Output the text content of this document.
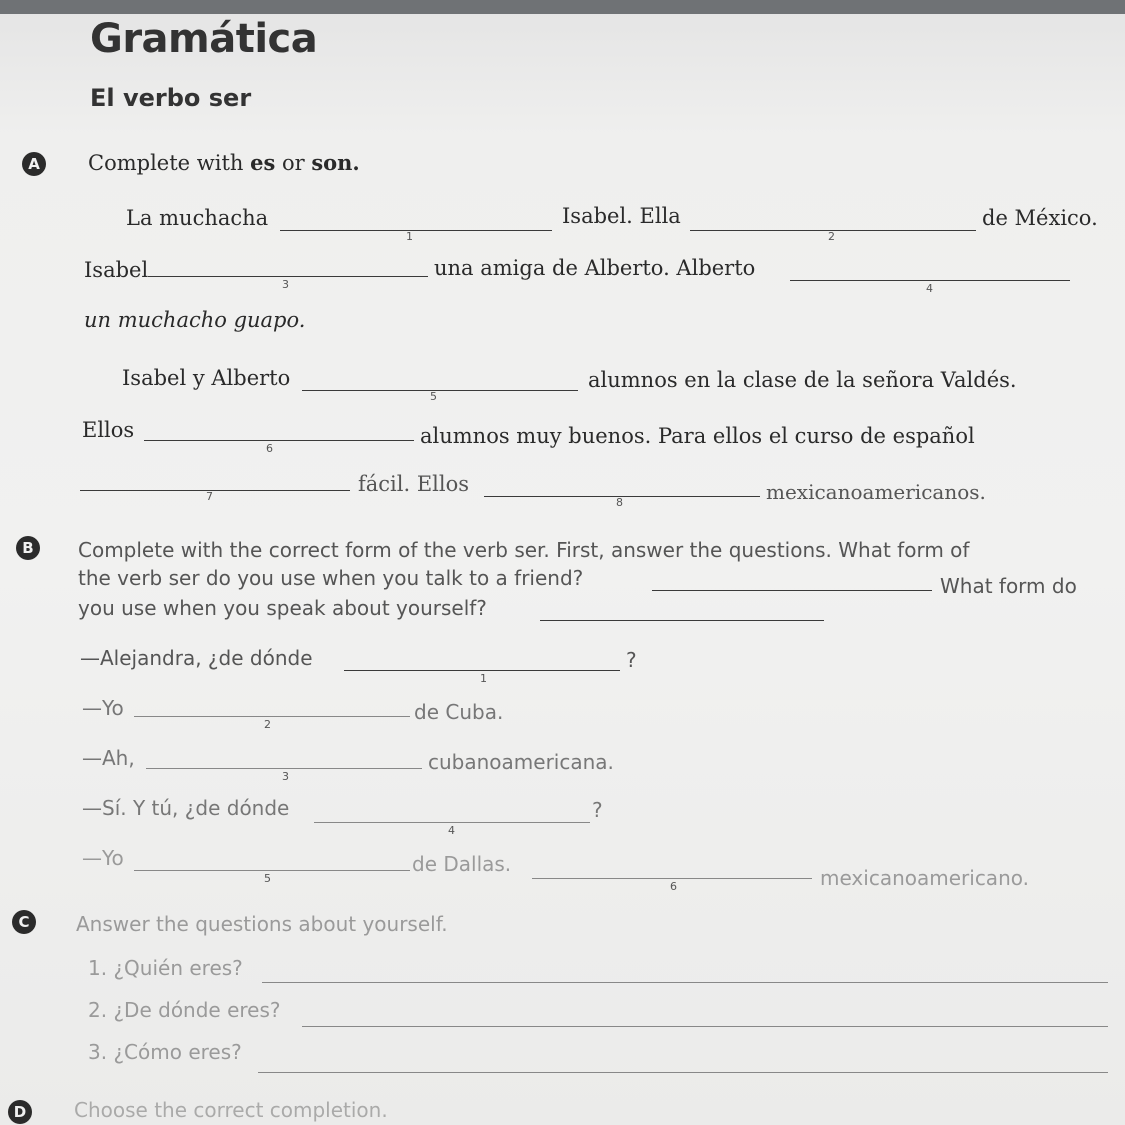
Gramática
El verbo ser
A Complete with es or son.
La muchacha
1
Isabel. Ella
2
de México.
Isabel
3
una amiga de Alberto. Alberto
4
un muchacho guapo.
Isabel y Alberto
5
alumnos en la clase de la señora Valdés.
Ellos
6
alumnos muy buenos. Para ellos el curso de español
7
fácil. Ellos
8	mexicanoamericanos.
B	Complete with the correct form of the verb ser. First, answer the questions. What form of
the verb ser do you use when you talk to a friend?	What form do
you use when you speak about yourself?
—Alejandra, ¿de dónde
1
?
—Yo
2
de Cuba.
—Ah,
3
cubanoamericana.
—Sí. Y tú, ¿de dónde
4
?
—Yo
5
de Dallas.
6	mexicanoamericano.
C	Answer the questions about yourself.
1. ¿Quién eres?
2. ¿De dónde eres?
3. ¿Cómo eres?
D Choose the correct completion.
